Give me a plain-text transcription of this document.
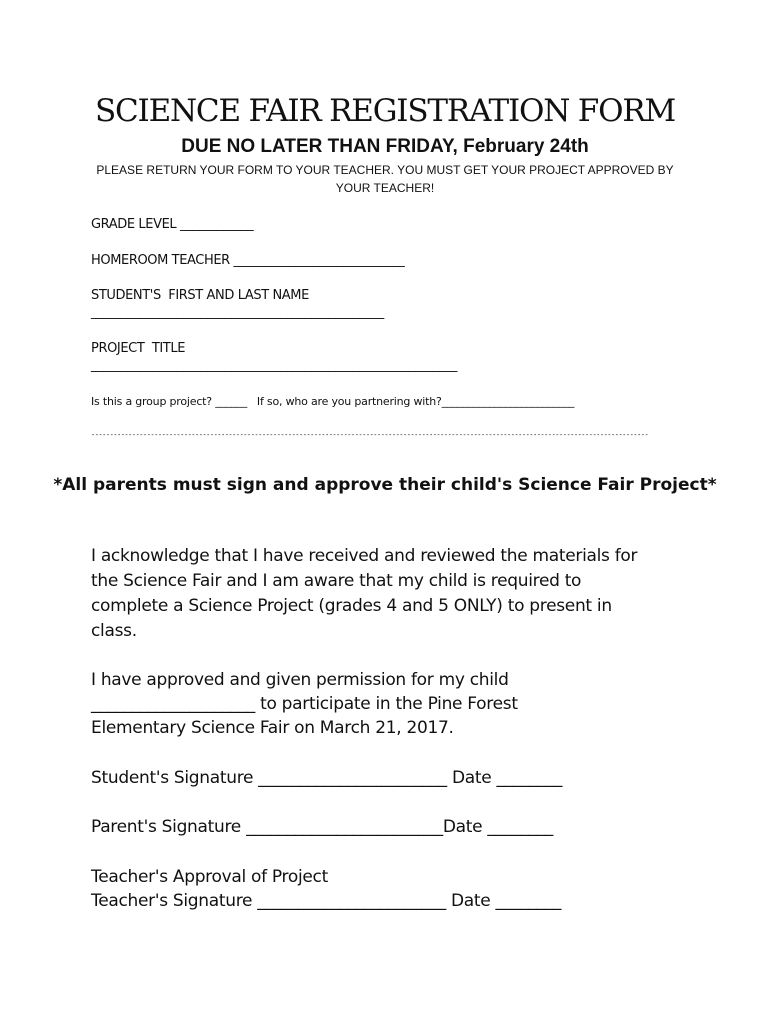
SCIENCE FAIR REGISTRATION FORM
DUE NO LATER THAN FRIDAY, February 24th
PLEASE RETURN YOUR FORM TO YOUR TEACHER. YOU MUST GET YOUR PROJECT APPROVED BY YOUR TEACHER!
GRADE LEVEL ____________
HOMEROOM TEACHER ____________________________
STUDENT'S  FIRST AND LAST NAME
________________________________________________
PROJECT  TITLE
____________________________________________________________
Is this a group project? ______   If so, who are you partnering with?_________________________
------------------------------------------------------------------------------------------------------------------------------------------------------
*All parents must sign and approve their child's Science Fair Project*
I acknowledge that I have received and reviewed the materials for
the Science Fair and I am aware that my child is required to
complete a Science Project (grades 4 and 5 ONLY) to present in
class.
I have approved and given permission for my child
____________________ to participate in the Pine Forest
Elementary Science Fair on March 21, 2017.
Student's Signature _______________________ Date ________
Parent's Signature ________________________Date ________
Teacher's Approval of Project
Teacher's Signature _______________________ Date ________
